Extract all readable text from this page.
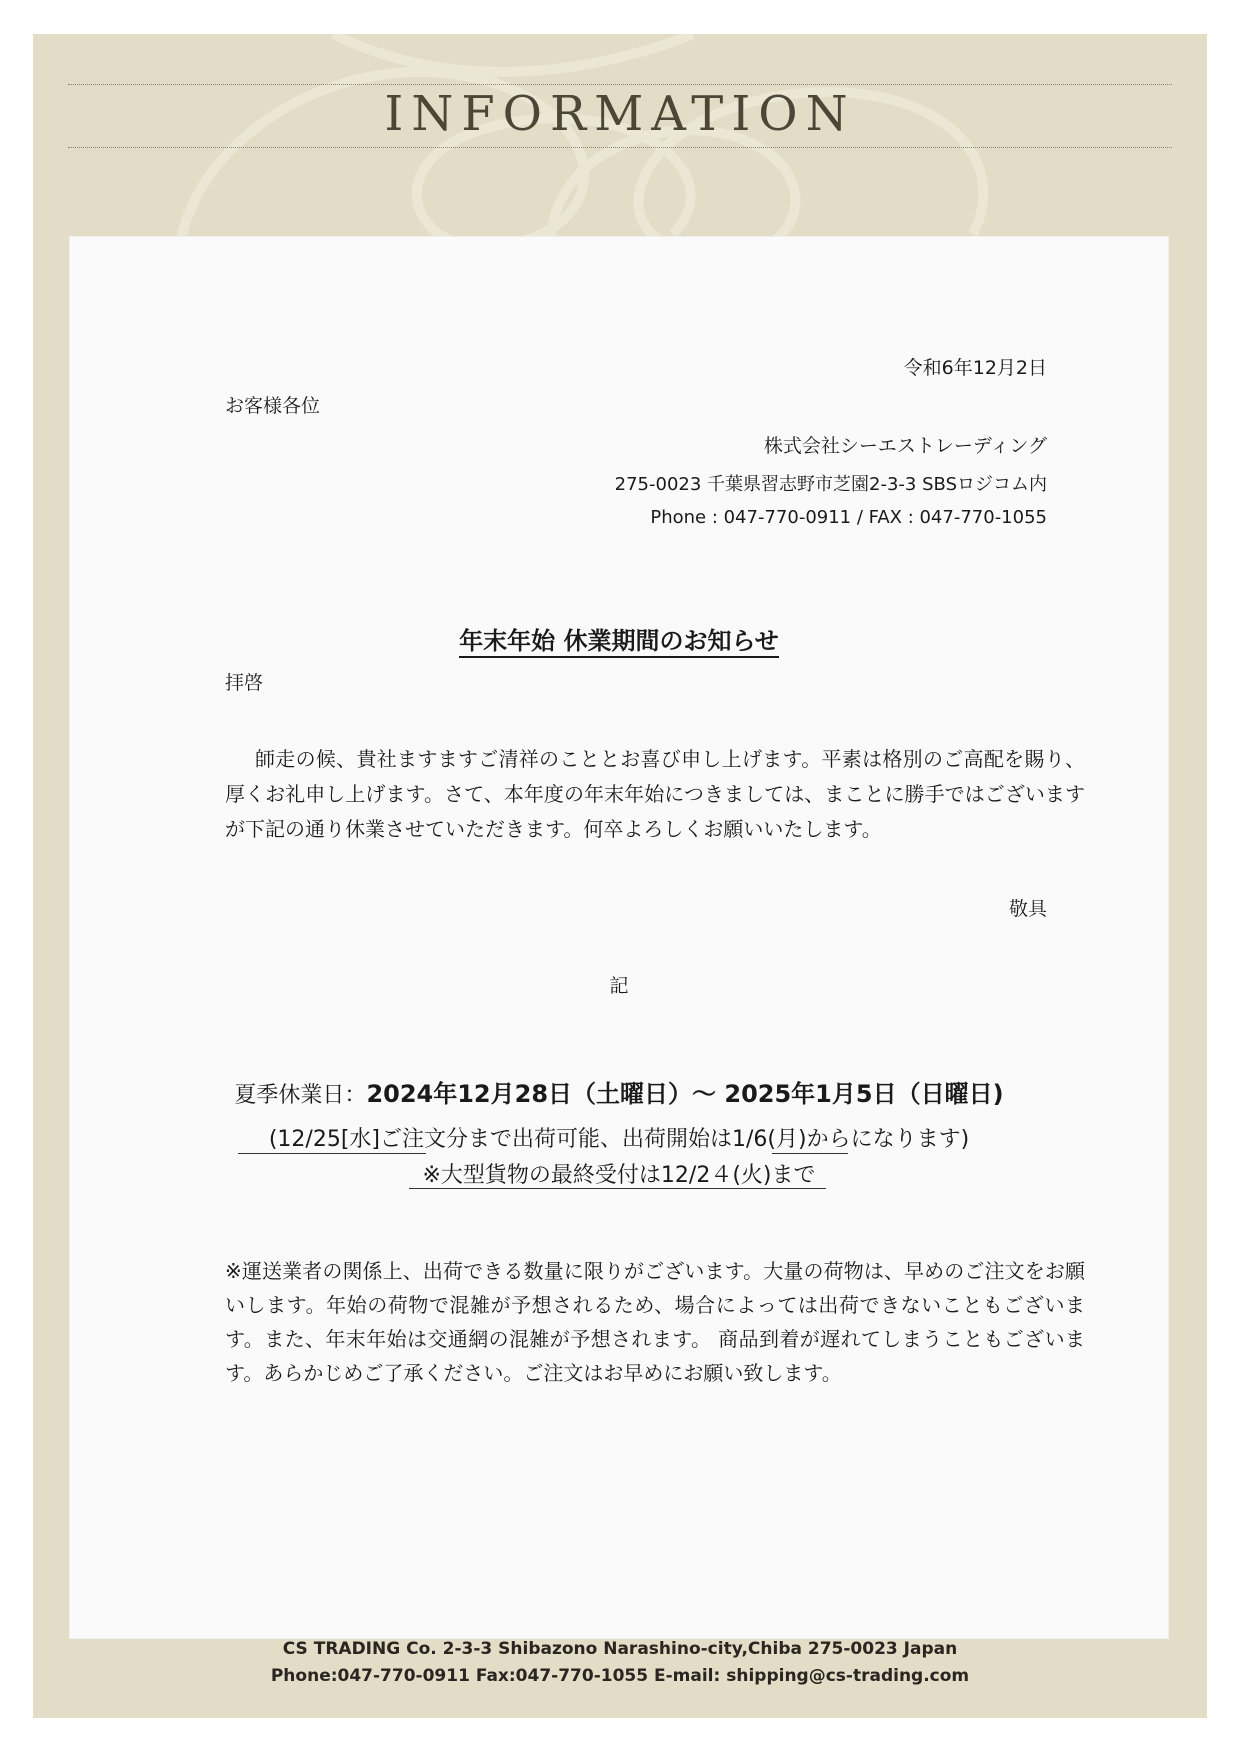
INFORMATION
令和6年12月2日
お客様各位
株式会社シーエストレーディング
275-0023 千葉県習志野市芝園2-3-3 SBSロジコム内
Phone : 047-770-0911 / FAX : 047-770-1055
年末年始 休業期間のお知らせ
拝啓
師走の候、貴社ますますご清祥のこととお喜び申し上げます。平素は格別のご高配を賜り、厚くお礼申し上げます。さて、本年度の年末年始につきましては、まことに勝手ではございますが下記の通り休業させていただきます。何卒よろしくお願いいたします。
敬具
記
夏季休業日：2024年12月28日（土曜日）～ 2025年1月5日（日曜日)
(12/25[水]ご注文分まで出荷可能、出荷開始は1/6(月)からになります)
※大型貨物の最終受付は12/2４(火)まで
※運送業者の関係上、出荷できる数量に限りがございます。大量の荷物は、早めのご注文をお願いします。年始の荷物で混雑が予想されるため、場合によっては出荷できないこともございます。また、年末年始は交通網の混雑が予想されます。 商品到着が遅れてしまうこともございます。あらかじめご了承ください。ご注文はお早めにお願い致します。
CS TRADING Co. 2-3-3 Shibazono Narashino-city,Chiba 275-0023 Japan
Phone:047-770-0911 Fax:047-770-1055 E-mail: shipping@cs-trading.com
